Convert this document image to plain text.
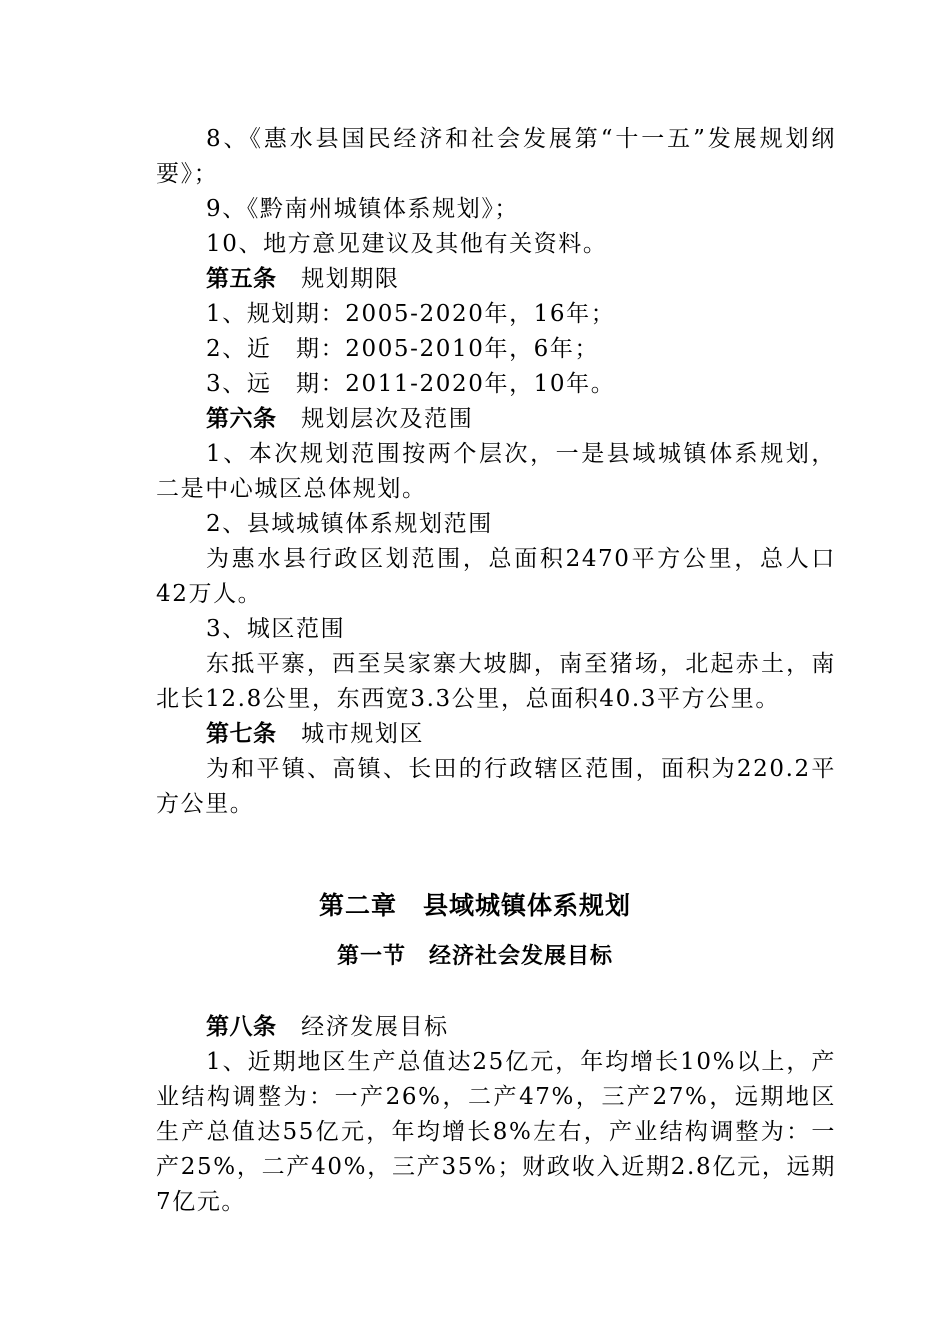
8、《惠水县国民经济和社会发展第“十一五”发展规划纲要》；
9、《黔南州城镇体系规划》；
10、地方意见建议及其他有关资料。
第五条　 规划期限
1、规划期：2005-2020年，16年；
2、近　期：2005-2010年，6年；
3、远　期：2011-2020年，10年。
第六条　 规划层次及范围
1、本次规划范围按两个层次，一是县域城镇体系规划，二是中心城区总体规划。
2、县域城镇体系规划范围
为惠水县行政区划范围，总面积2470平方公里，总人口42万人。
3、城区范围
东抵平寨，西至吴家寨大坡脚，南至猪场，北起赤土，南北长12.8公里，东西宽3.3公里，总面积40.3平方公里。
第七条　 城市规划区
为和平镇、高镇、长田的行政辖区范围，面积为220.2平方公里。
第二章　县域城镇体系规划
第一节　经济社会发展目标
第八条　 经济发展目标
1、近期地区生产总值达25亿元，年均增长10%以上，产业结构调整为：一产26%，二产47%，三产27%，远期地区生产总值达55亿元，年均增长8%左右，产业结构调整为：一产25%，二产40%，三产35%；财政收入近期2.8亿元，远期7亿元。
